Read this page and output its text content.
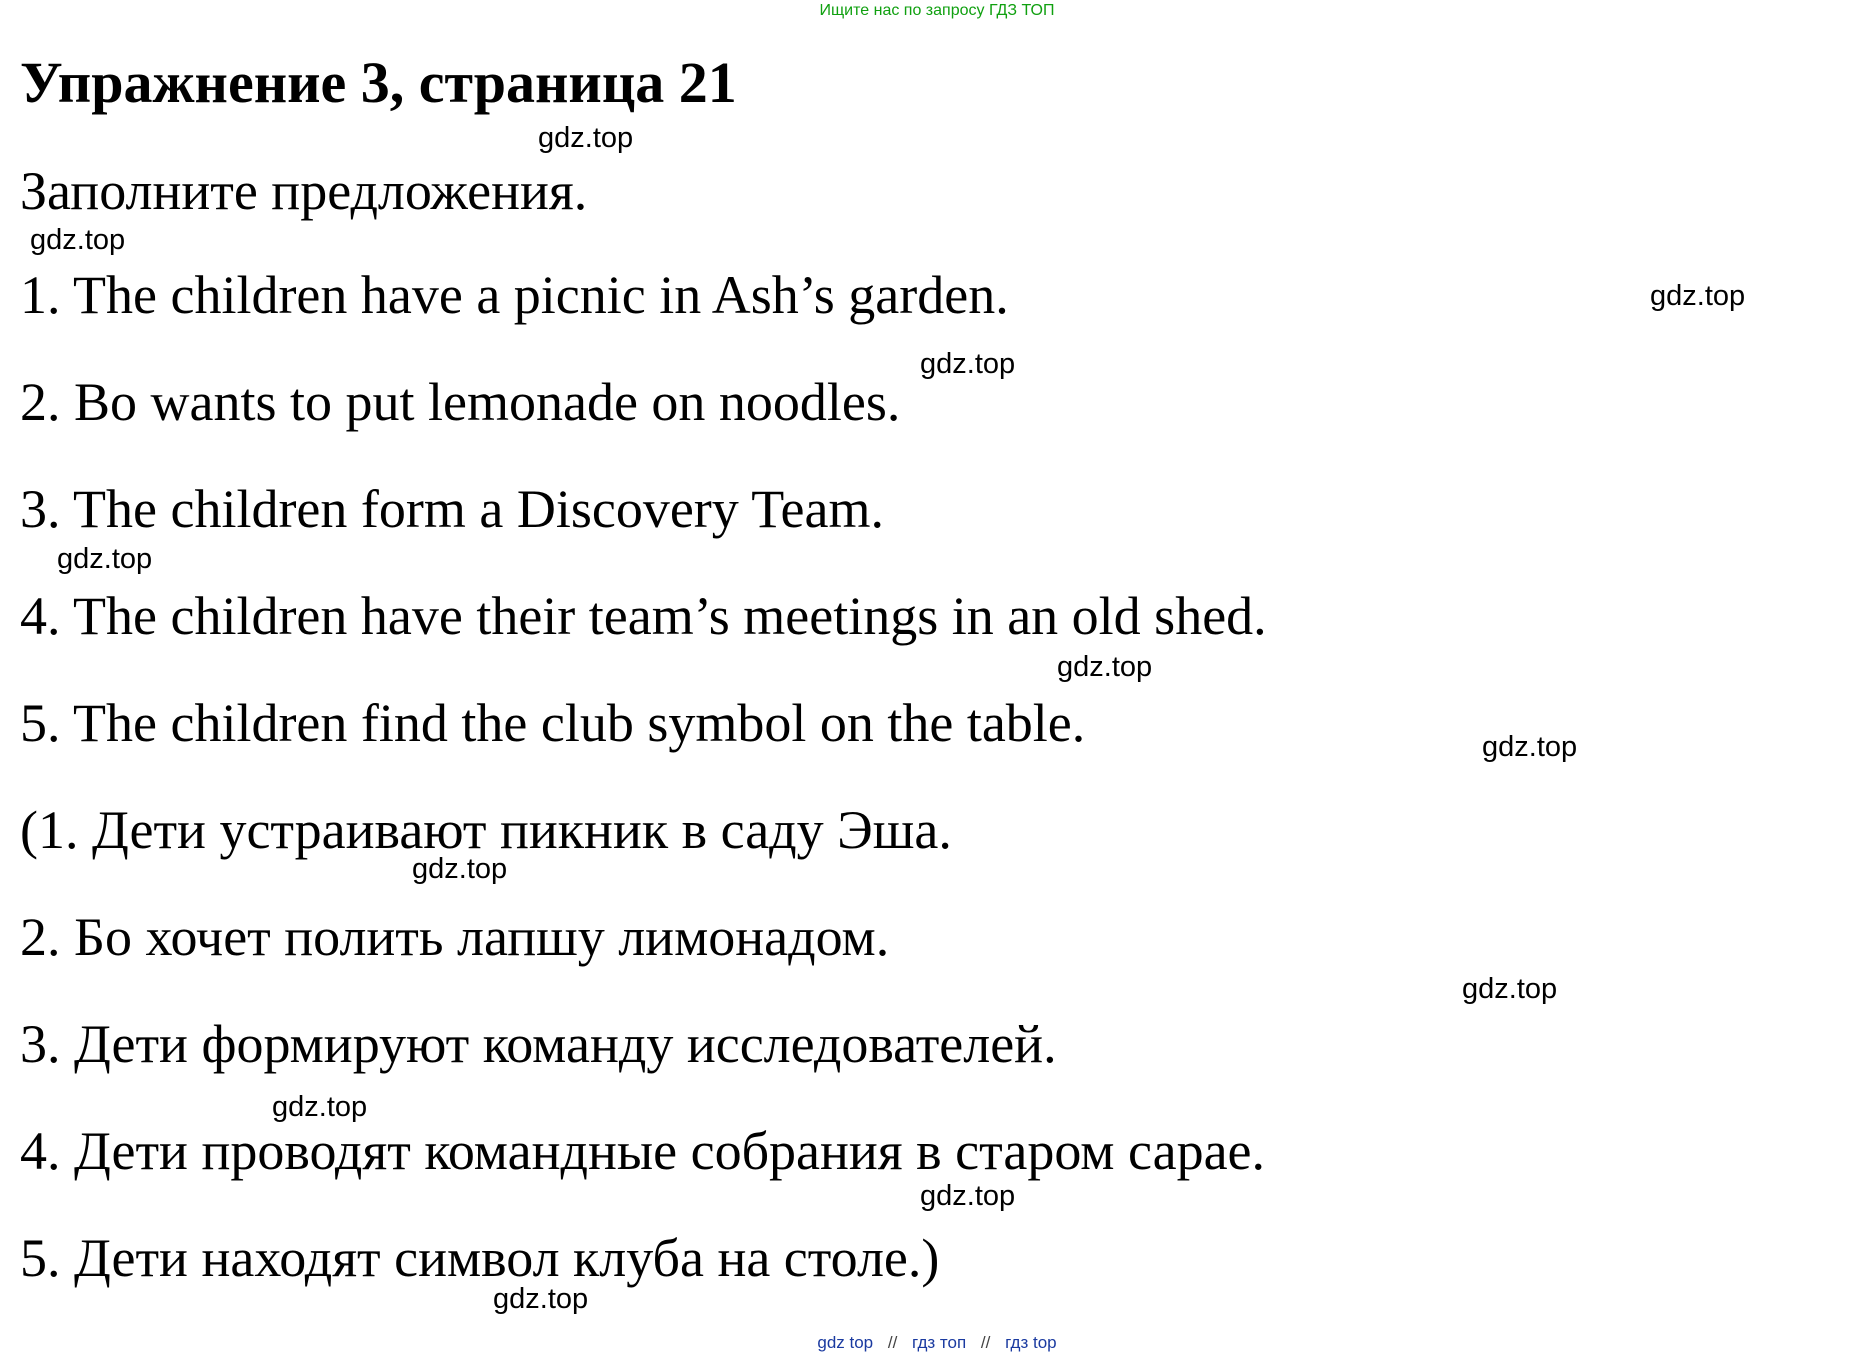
Ищите нас по запросу ГДЗ ТОП
Упражнение 3, страница 21
Заполните предложения.
1. The children have a picnic in Ash’s garden.
2. Bo wants to put lemonade on noodles.
3. The children form a Discovery Team.
4. The children have their team’s meetings in an old shed.
5. The children find the club symbol on the table.
(1. Дети устраивают пикник в саду Эша.
2. Бо хочет полить лапшу лимонадом.
3. Дети формируют команду исследователей.
4. Дети проводят командные собрания в старом сарае.
5. Дети находят символ клуба на столе.)
gdz.top
gdz.top
gdz.top
gdz.top
gdz.top
gdz.top
gdz.top
gdz.top
gdz.top
gdz.top
gdz.top
gdz.top
gdz top // гдз топ // гдз top
